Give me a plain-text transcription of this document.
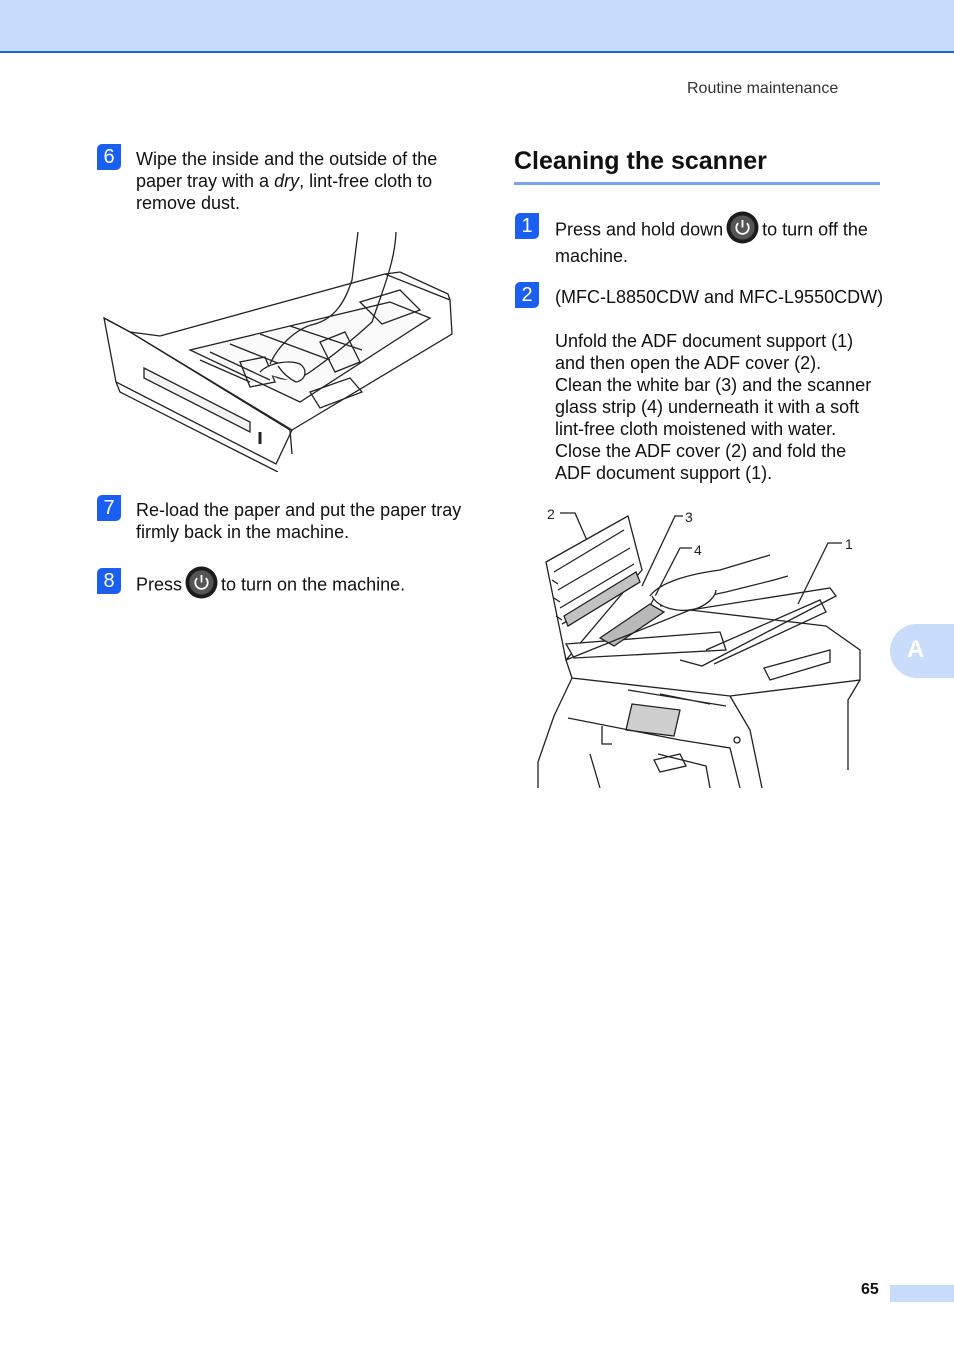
Routine maintenance
6	Wipe the inside and the outside of the paper tray with a dry, lint-free cloth to remove dust.
7	Re-load the paper and put the paper tray firmly back in the machine.
8	Press to turn on the machine.
Cleaning the scanner
1	Press and hold down to turn off the
machine.
2	(MFC-L8850CDW and MFC-L9550CDW)
Unfold the ADF document support (1)
and then open the ADF cover (2).
Clean the white bar (3) and the scanner
glass strip (4) underneath it with a soft
lint-free cloth moistened with water.
Close the ADF cover (2) and fold the
ADF document support (1).
2	3
4	1
A
65
